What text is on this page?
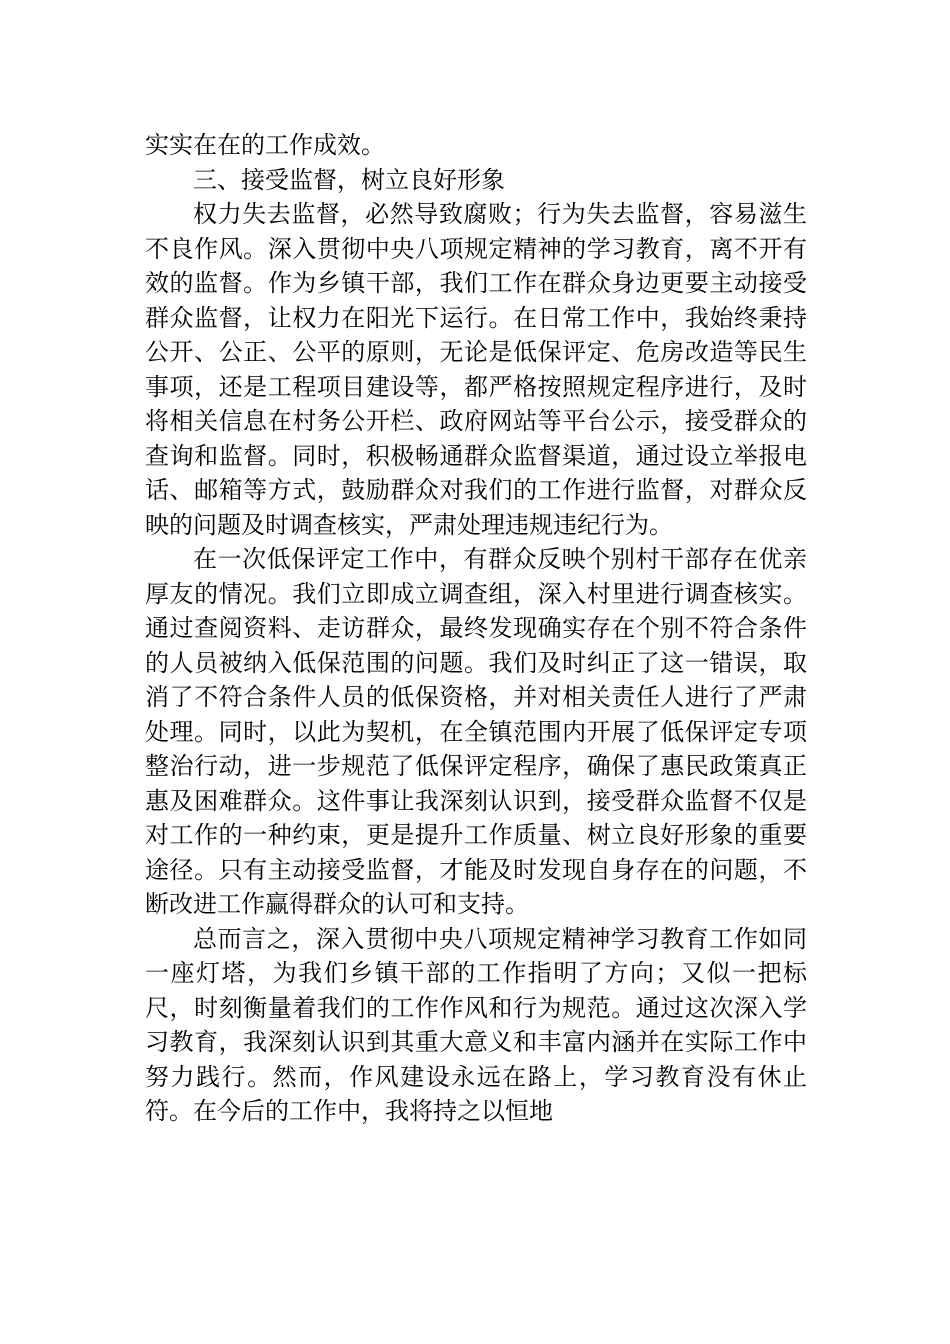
实实在在的工作成效。

三、接受监督，树立良好形象

权力失去监督，必然导致腐败；行为失去监督，容易滋生不良作风。深入贯彻中央八项规定精神的学习教育，离不开有效的监督。作为乡镇干部，我们工作在群众身边更要主动接受群众监督，让权力在阳光下运行。在日常工作中，我始终秉持公开、公正、公平的原则，无论是低保评定、危房改造等民生事项，还是工程项目建设等，都严格按照规定程序进行，及时将相关信息在村务公开栏、政府网站等平台公示，接受群众的查询和监督。同时，积极畅通群众监督渠道，通过设立举报电话、邮箱等方式，鼓励群众对我们的工作进行监督，对群众反映的问题及时调查核实，严肃处理违规违纪行为。

在一次低保评定工作中，有群众反映个别村干部存在优亲厚友的情况。我们立即成立调查组，深入村里进行调查核实。通过查阅资料、走访群众，最终发现确实存在个别不符合条件的人员被纳入低保范围的问题。我们及时纠正了这一错误，取消了不符合条件人员的低保资格，并对相关责任人进行了严肃处理。同时，以此为契机，在全镇范围内开展了低保评定专项整治行动，进一步规范了低保评定程序，确保了惠民政策真正惠及困难群众。这件事让我深刻认识到，接受群众监督不仅是对工作的一种约束，更是提升工作质量、树立良好形象的重要途径。只有主动接受监督，才能及时发现自身存在的问题，不断改进工作赢得群众的认可和支持。

总而言之，深入贯彻中央八项规定精神学习教育工作如同一座灯塔，为我们乡镇干部的工作指明了方向；又似一把标尺，时刻衡量着我们的工作作风和行为规范。通过这次深入学习教育，我深刻认识到其重大意义和丰富内涵并在实际工作中努力践行。然而，作风建设永远在路上，学习教育没有休止符。在今后的工作中，我将持之以恒地
